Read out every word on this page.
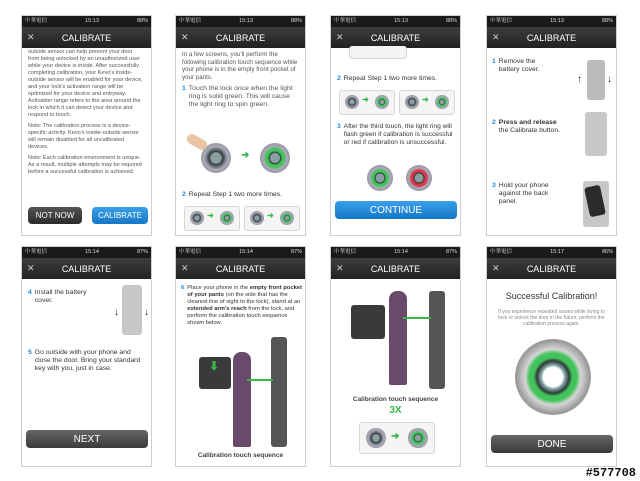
中華電信	15:13	88%
✕	CALIBRATE

outside sensor can help prevent your door from being unlocked by an unauthorized user while your device is inside. After successfully completing calibration, your Kevo's inside-outside sensor will be enabled for your device, and your lock's activation range will be optimized for your device and entryway. Activation range refers to the area around the lock in which it can detect your device and respond to touch.

Note: The calibration process is a device-specific activity. Kevo's inside-outside sensor will remain disabled for all uncalibrated devices.

Note: Each calibration environment is unique. As a result, multiple attempts may be required before a successful calibration is achieved.

NOT NOW	CALIBRATE
中華電信	15:13	88%
✕	CALIBRATE

In a few screens, you'll perform the following calibration touch sequence while your phone is in the empty front pocket of your pants.

1 Touch the lock once when the light ring is solid green. This will cause the light ring to spin green.
➜
2 Repeat Step 1 two more times.
➜	➜
中華電信	15:13	88%
✕	CALIBRATE
2 Repeat Step 1 two more times.
➜	➜
3 After the third touch, the light ring will flash green if calibration is successful or red if calibration is unsuccessful.
CONTINUE
中華電信	15:13	88%
✕	CALIBRATE
1 Remove the battery cover.
↑	↓
2 Press and release the Calibrate button.
3 Hold your phone against the back panel.
中華電信	15:14	87%
✕	CALIBRATE
4 Install the battery cover.
↓	↓
5 Go outside with your phone and close the door. Bring your standard key with you, just in case.
NEXT
中華電信	15:14	87%
✕	CALIBRATE
6 Place your phone in the empty front pocket of your pants (on the side that has the clearest line of sight to the lock), stand at an extended arm's reach from the lock, and perform the calibration touch sequence shown below.
⬇
Calibration touch sequence
中華電信	15:14	87%
✕	CALIBRATE
Calibration touch sequence
3X
➜
中華電信	15:17	86%
✕	CALIBRATE
Successful Calibration!
If you experience repeated issues while trying to lock or unlock the door in the future, perform the calibration process again.
DONE
#577708
